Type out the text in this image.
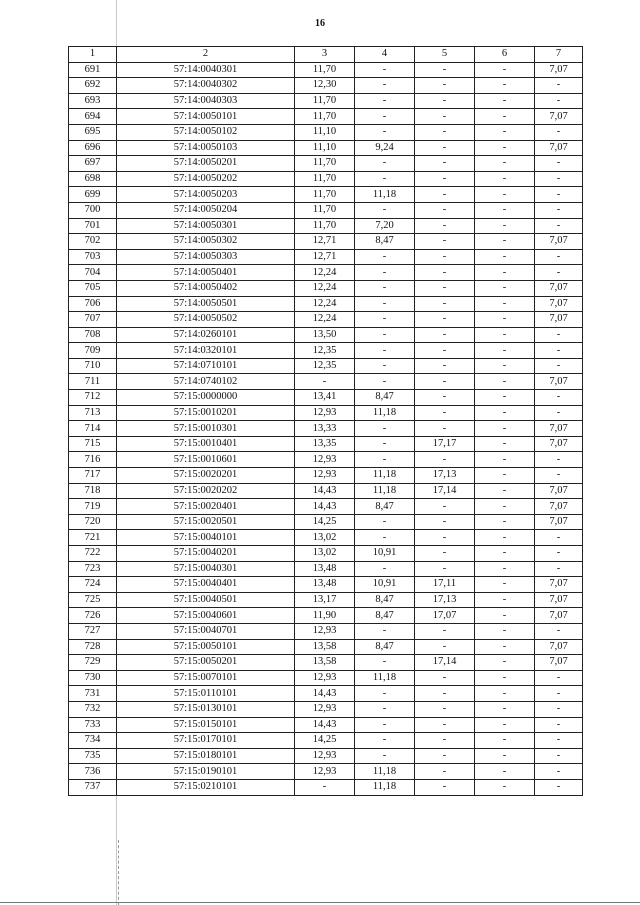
16
1	2	3	4	5	6	7
691	57:14:0040301	11,70	-	-	-	7,07
692	57:14:0040302	12,30	-	-	-	-
693	57:14:0040303	11,70	-	-	-	-
694	57:14:0050101	11,70	-	-	-	7,07
695	57:14:0050102	11,10	-	-	-	-
696	57:14:0050103	11,10	9,24	-	-	7,07
697	57:14:0050201	11,70	-	-	-	-
698	57:14:0050202	11,70	-	-	-	-
699	57:14:0050203	11,70	11,18	-	-	-
700	57:14:0050204	11,70	-	-	-	-
701	57:14:0050301	11,70	7,20	-	-	-
702	57:14:0050302	12,71	8,47	-	-	7,07
703	57:14:0050303	12,71	-	-	-	-
704	57:14:0050401	12,24	-	-	-	-
705	57:14:0050402	12,24	-	-	-	7,07
706	57:14:0050501	12,24	-	-	-	7,07
707	57:14:0050502	12,24	-	-	-	7,07
708	57:14:0260101	13,50	-	-	-	-
709	57:14:0320101	12,35	-	-	-	-
710	57:14:0710101	12,35	-	-	-	-
711	57:14:0740102	-	-	-	-	7,07
712	57:15:0000000	13,41	8,47	-	-	-
713	57:15:0010201	12,93	11,18	-	-	-
714	57:15:0010301	13,33	-	-	-	7,07
715	57:15:0010401	13,35	-	17,17	-	7,07
716	57:15:0010601	12,93	-	-	-	-
717	57:15:0020201	12,93	11,18	17,13	-	-
718	57:15:0020202	14,43	11,18	17,14	-	7,07
719	57:15:0020401	14,43	8,47	-	-	7,07
720	57:15:0020501	14,25	-	-	-	7,07
721	57:15:0040101	13,02	-	-	-	-
722	57:15:0040201	13,02	10,91	-	-	-
723	57:15:0040301	13,48	-	-	-	-
724	57:15:0040401	13,48	10,91	17,11	-	7,07
725	57:15:0040501	13,17	8,47	17,13	-	7,07
726	57:15:0040601	11,90	8,47	17,07	-	7,07
727	57:15:0040701	12,93	-	-	-	-
728	57:15:0050101	13,58	8,47	-	-	7,07
729	57:15:0050201	13,58	-	17,14	-	7,07
730	57:15:0070101	12,93	11,18	-	-	-
731	57:15:0110101	14,43	-	-	-	-
732	57:15:0130101	12,93	-	-	-	-
733	57:15:0150101	14,43	-	-	-	-
734	57:15:0170101	14,25	-	-	-	-
735	57:15:0180101	12,93	-	-	-	-
736	57:15:0190101	12,93	11,18	-	-	-
737	57:15:0210101	-	11,18	-	-	-
